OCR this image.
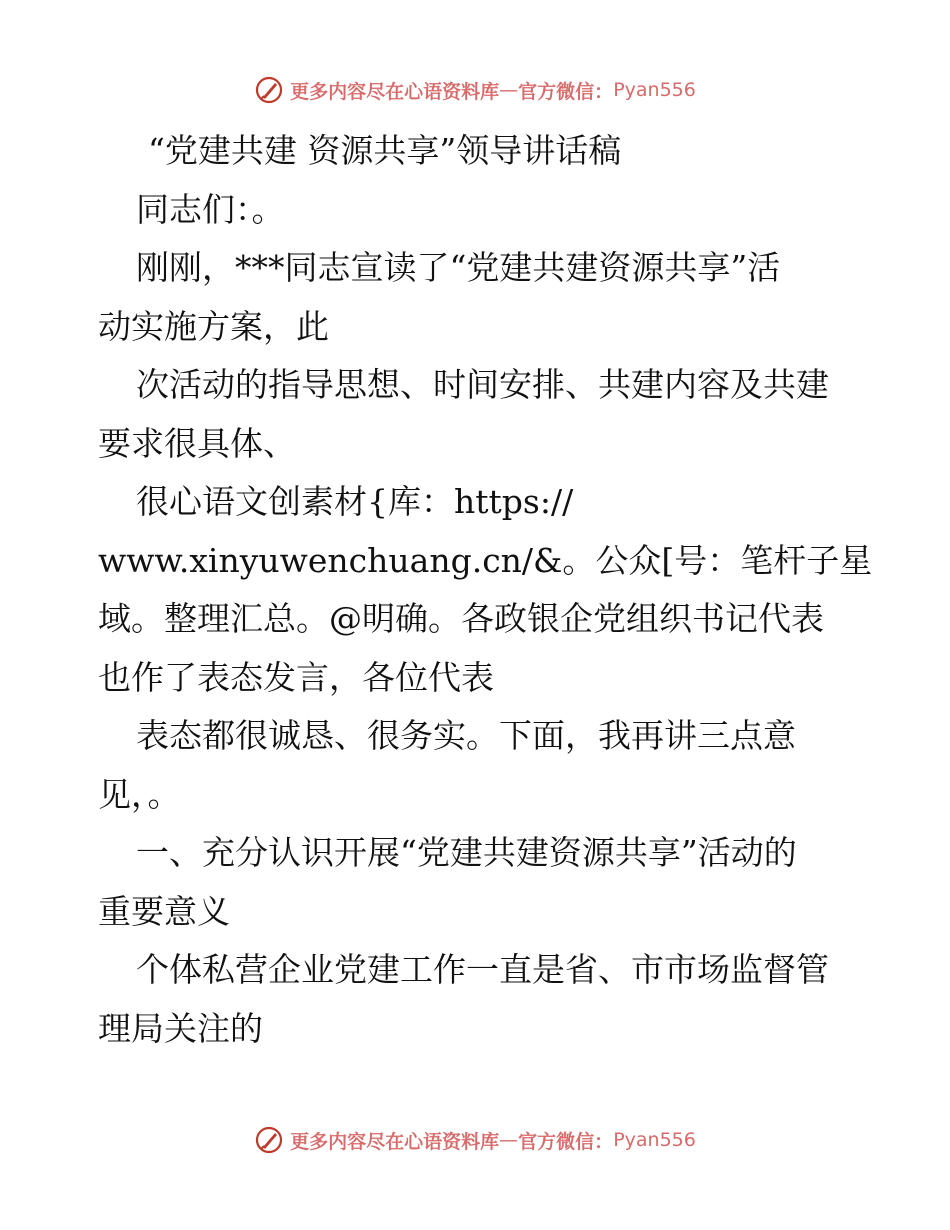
更多内容尽在心语资料库 — 官方微信： Pyan556
“党建共建 资源共享”领导讲话稿
同志们：。
刚刚，***同志宣读了“党建共建资源共享”活
动实施方案，此
次活动的指导思想、时间安排、共建内容及共建
要求很具体、
很心语文创素材{库：https://
www.xinyuwenchuang.cn/&。公众[号：笔杆子星
域。整理汇总。@明确。各政银企党组织书记代表
也作了表态发言，各位代表
表态都很诚恳、很务实。下面，我再讲三点意
见，。
一、充分认识开展“党建共建资源共享”活动的
重要意义
个体私营企业党建工作一直是省、市市场监督管
理局关注的
更多内容尽在心语资料库 — 官方微信： Pyan556
